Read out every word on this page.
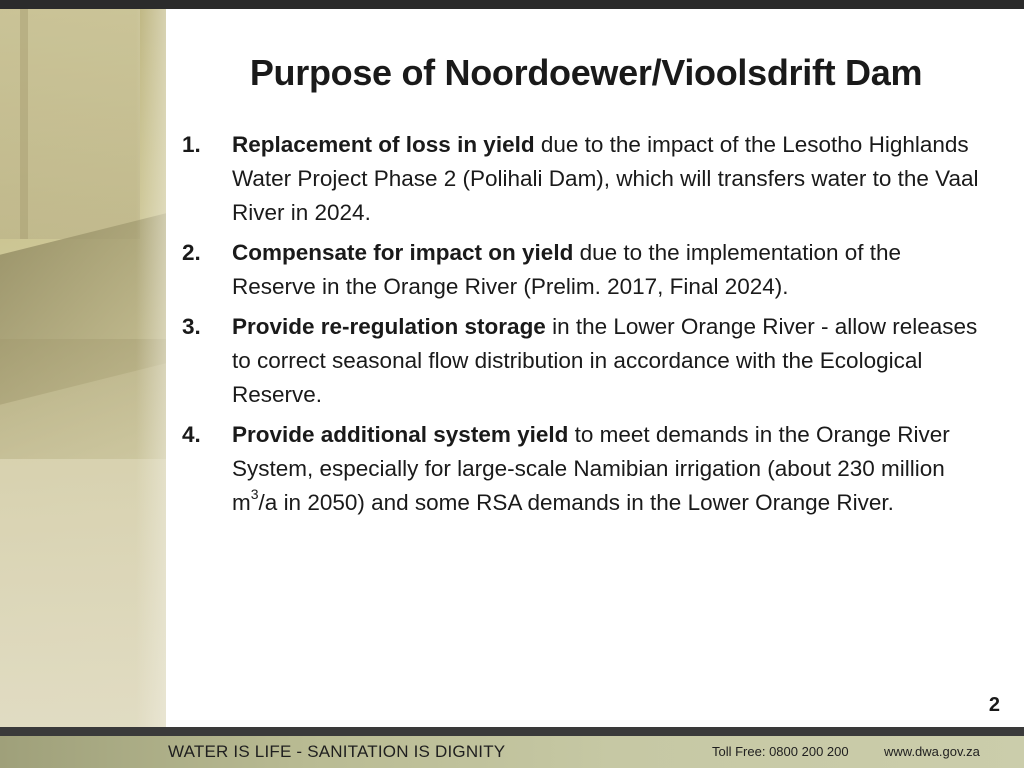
Purpose of Noordoewer/Vioolsdrift Dam
1. Replacement of loss in yield due to the impact of the Lesotho Highlands Water Project Phase 2 (Polihali Dam), which will transfers water to the Vaal River in 2024.
2. Compensate for impact on yield due to the implementation of the Reserve in the Orange River (Prelim. 2017, Final 2024).
3. Provide re-regulation storage in the Lower Orange River - allow releases to correct seasonal flow distribution in accordance with the Ecological Reserve.
4. Provide additional system yield to meet demands in the Orange River System, especially for large-scale Namibian irrigation (about 230 million $m^3/a$ in 2050) and some RSA demands in the Lower Orange River.
2
WATER IS LIFE - SANITATION IS DIGNITY	Toll Free: 0800 200 200	www.dwa.gov.za
